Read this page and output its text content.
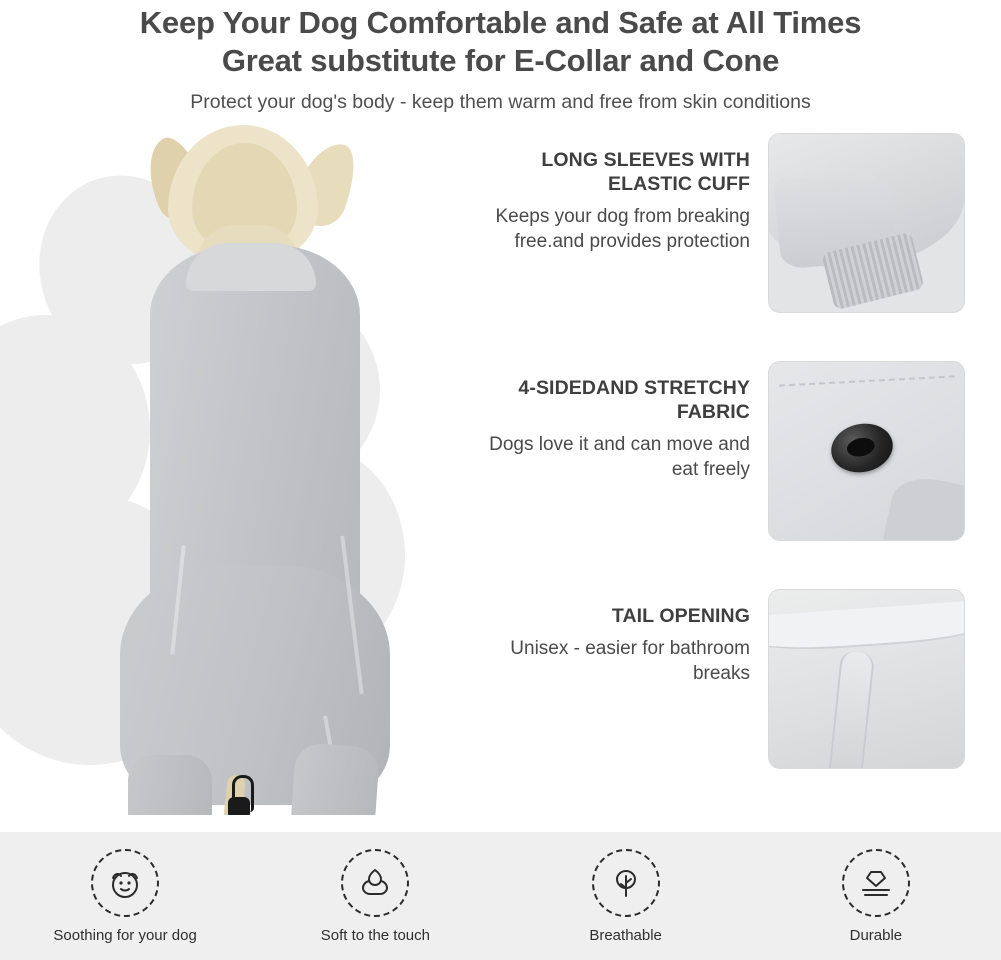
Keep Your Dog Comfortable and Safe at All Times
Great substitute for E-Collar and Cone
Protect your dog's body - keep them warm and free from skin conditions
LONG SLEEVES WITH ELASTIC CUFF
Keeps your dog from breaking free.and provides protection
4-SIDEDAND STRETCHY FABRIC
Dogs love it and can move and eat freely
TAIL OPENING
Unisex - easier for bathroom breaks
Soothing for your dog	Soft to the touch	Breathable	Durable
